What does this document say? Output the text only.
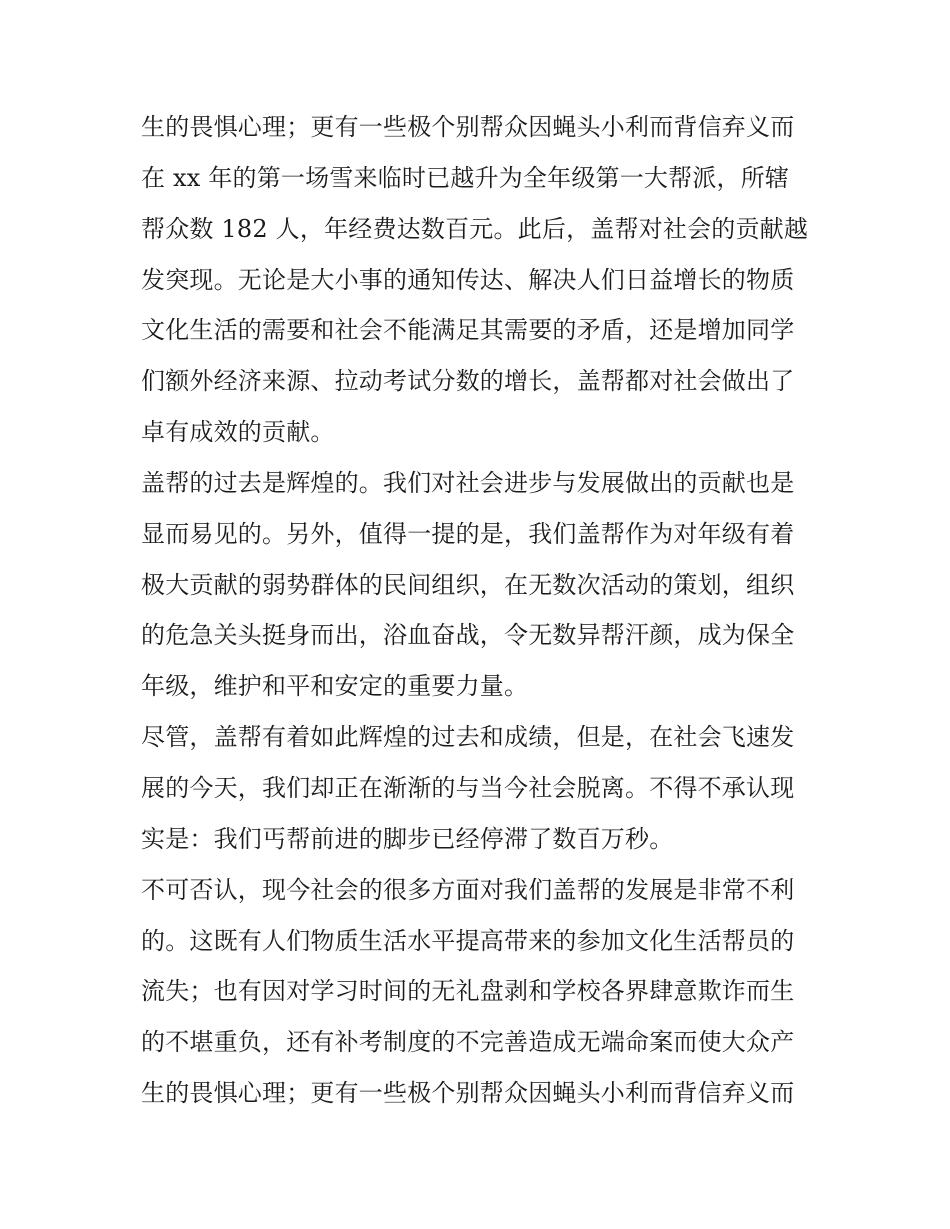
生的畏惧心理；更有一些极个别帮众因蝇头小利而背信弃义而
在 xx 年的第一场雪来临时已越升为全年级第一大帮派，所辖
帮众数 182 人，年经费达数百元。此后，盖帮对社会的贡献越
发突现。无论是大小事的通知传达、解决人们日益增长的物质
文化生活的需要和社会不能满足其需要的矛盾，还是增加同学
们额外经济来源、拉动考试分数的增长，盖帮都对社会做出了
卓有成效的贡献。
盖帮的过去是辉煌的。我们对社会进步与发展做出的贡献也是
显而易见的。另外，值得一提的是，我们盖帮作为对年级有着
极大贡献的弱势群体的民间组织，在无数次活动的策划，组织
的危急关头挺身而出，浴血奋战，令无数异帮汗颜，成为保全
年级，维护和平和安定的重要力量。
尽管，盖帮有着如此辉煌的过去和成绩，但是，在社会飞速发
展的今天，我们却正在渐渐的与当今社会脱离。不得不承认现
实是：我们丐帮前进的脚步已经停滞了数百万秒。
不可否认，现今社会的很多方面对我们盖帮的发展是非常不利
的。这既有人们物质生活水平提高带来的参加文化生活帮员的
流失；也有因对学习时间的无礼盘剥和学校各界肆意欺诈而生
的不堪重负，还有补考制度的不完善造成无端命案而使大众产
生的畏惧心理；更有一些极个别帮众因蝇头小利而背信弃义而
